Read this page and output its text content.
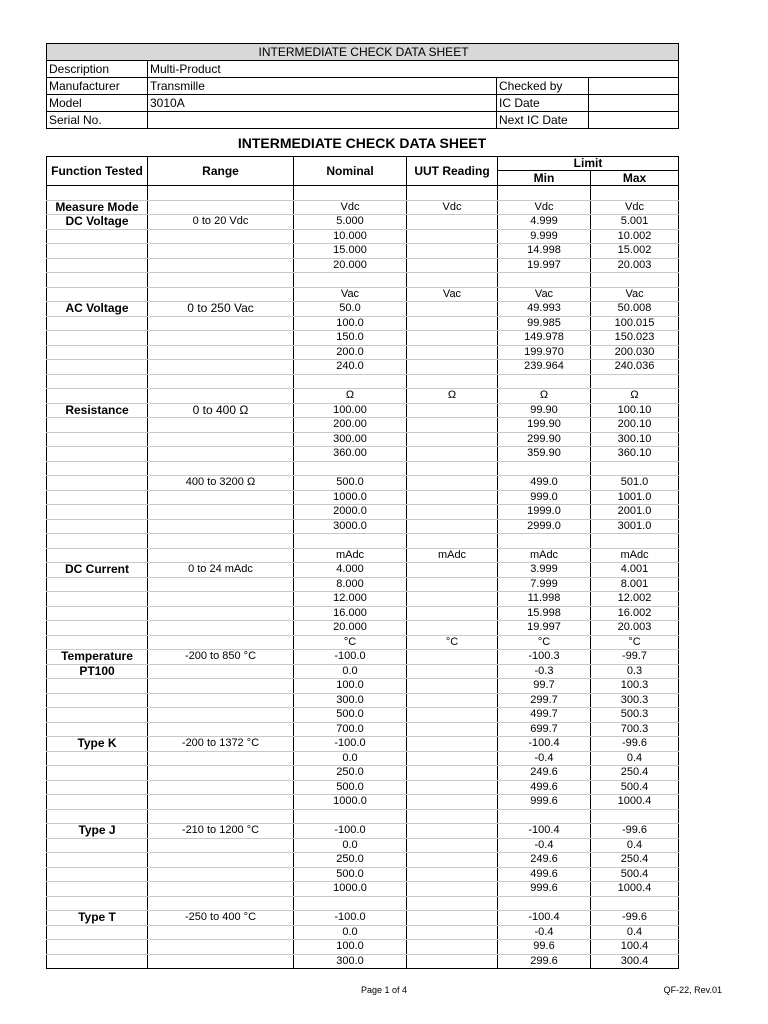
INTERMEDIATE CHECK DATA SHEET			
Description	Multi-Product		
Manufacturer	Transmille	Checked by	
Model	3010A	IC Date	
Serial No.		Next IC Date	
INTERMEDIATE CHECK DATA SHEET
Function Tested	Range	Nominal	UUT Reading	Limit	
				Min	Max

Measure Mode		Vdc	Vdc	Vdc	Vdc
DC Voltage	0 to 20 Vdc	5.000		4.999	5.001
		10.000		9.999	10.002
		15.000		14.998	15.002
		20.000		19.997	20.003

		Vac	Vac	Vac	Vac
AC Voltage	0 to 250 Vac	50.0		49.993	50.008
		100.0		99.985	100.015
		150.0		149.978	150.023
		200.0		199.970	200.030
		240.0		239.964	240.036

		Ω	Ω	Ω	Ω
Resistance	0 to 400 Ω	100.00		99.90	100.10
		200.00		199.90	200.10
		300.00		299.90	300.10
		360.00		359.90	360.10

	400 to 3200 Ω	500.0		499.0	501.0
		1000.0		999.0	1001.0
		2000.0		1999.0	2001.0
		3000.0		2999.0	3001.0

		mAdc	mAdc	mAdc	mAdc
DC Current	0 to 24 mAdc	4.000		3.999	4.001
		8.000		7.999	8.001
		12.000		11.998	12.002
		16.000		15.998	16.002
		20.000		19.997	20.003
		°C	°C	°C	°C
Temperature	-200 to 850 °C	-100.0		-100.3	-99.7
PT100		0.0		-0.3	0.3
		100.0		99.7	100.3
		300.0		299.7	300.3
		500.0		499.7	500.3
		700.0		699.7	700.3
Type K	-200 to 1372 °C	-100.0		-100.4	-99.6
		0.0		-0.4	0.4
		250.0		249.6	250.4
		500.0		499.6	500.4
		1000.0		999.6	1000.4

Type J	-210 to 1200 °C	-100.0		-100.4	-99.6
		0.0		-0.4	0.4
		250.0		249.6	250.4
		500.0		499.6	500.4
		1000.0		999.6	1000.4

Type T	-250 to 400 °C	-100.0		-100.4	-99.6
		0.0		-0.4	0.4
		100.0		99.6	100.4
		300.0		299.6	300.4
Page 1 of 4	QF-22, Rev.01
